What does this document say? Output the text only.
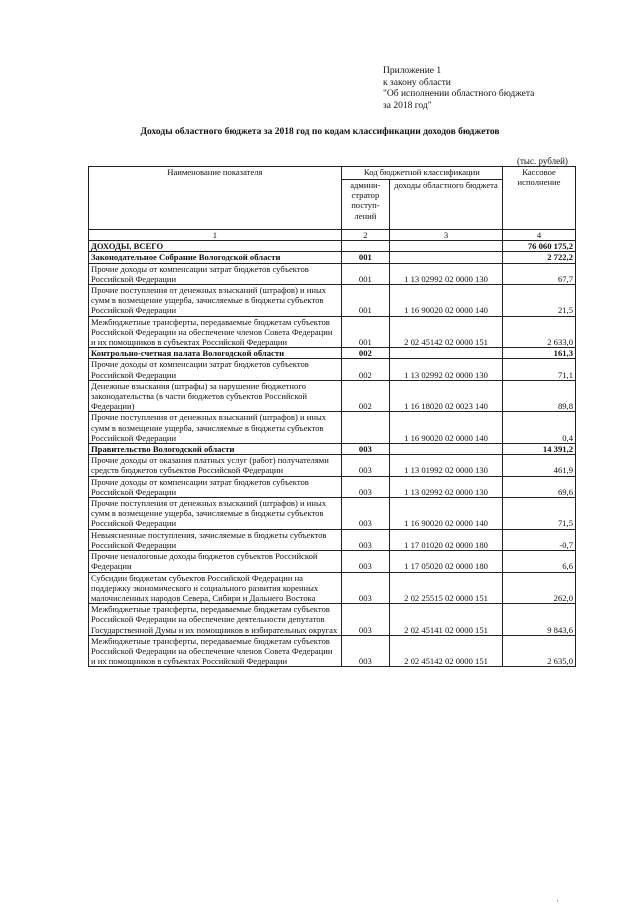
Приложение 1
к закону области
"Об исполнении областного бюджета
за 2018 год"
Доходы областного бюджета за 2018 год по кодам классификации доходов бюджетов
(тыс. рублей)
Наименование показателя	Код бюджетной классификации		Кассовое исполнение
	админи-стратор поступ-лений	доходы областного бюджета	
1	2	3	4
ДОХОДЫ, ВСЕГО			76 060 175,2
Законодательное Собрание Вологодской области	001		2 722,2
Прочие доходы от компенсации затрат бюджетов субъектов Российской Федерации	001	1 13 02992 02 0000 130	67,7
Прочие поступления от денежных взысканий (штрафов) и иных сумм в возмещение ущерба, зачисляемые в бюджеты субъектов Российской Федерации	001	1 16 90020 02 0000 140	21,5
Межбюджетные трансферты, передаваемые бюджетам субъектов Российской Федерации на обеспечение членов Совета Федерации и их помощников в субъектах Российской Федерации	001	2 02 45142 02 0000 151	2 633,0
Контрольно-счетная палата Вологодской области	002		161,3
Прочие доходы от компенсации затрат бюджетов субъектов Российской Федерации	002	1 13 02992 02 0000 130	71,1
Денежные взыскания (штрафы) за нарушение бюджетного законодательства (в части бюджетов субъектов Российской Федерации)	002	1 16 18020 02 0023 140	89,8
Прочие поступления от денежных взысканий (штрафов) и иных сумм в возмещение ущерба, зачисляемые в бюджеты субъектов Российской Федерации		1 16 90020 02 0000 140	0,4
Правительство Вологодской области	003		14 391,2
Прочие доходы от оказания платных услуг (работ) получателями средств бюджетов субъектов Российской Федерации	003	1 13 01992 02 0000 130	461,9
Прочие доходы от компенсации затрат бюджетов субъектов Российской Федерации	003	1 13 02992 02 0000 130	69,6
Прочие поступления от денежных взысканий (штрафов) и иных сумм в возмещение ущерба, зачисляемые в бюджеты субъектов Российской Федерации	003	1 16 90020 02 0000 140	71,5
Невыясненные поступления, зачисляемые в бюджеты субъектов Российской Федерации	003	1 17 01020 02 0000 180	-0,7
Прочие неналоговые доходы бюджетов субъектов Российской Федерации	003	1 17 05020 02 0000 180	6,6
Субсидии бюджетам субъектов Российской Федерации на поддержку экономического и социального развития коренных малочисленных народов Севера, Сибири и Дальнего Востока	003	2 02 25515 02 0000 151	262,0
Межбюджетные трансферты, передаваемые бюджетам субъектов Российской Федерации на обеспечение деятельности депутатов Государственной Думы и их помощников в избирательных округах	003	2 02 45141 02 0000 151	9 843,6
Межбюджетные трансферты, передаваемые бюджетам субъектов Российской Федерации на обеспечение членов Совета Федерации и их помощников в субъектах Российской Федерации	003	2 02 45142 02 0000 151	2 635,0
·
